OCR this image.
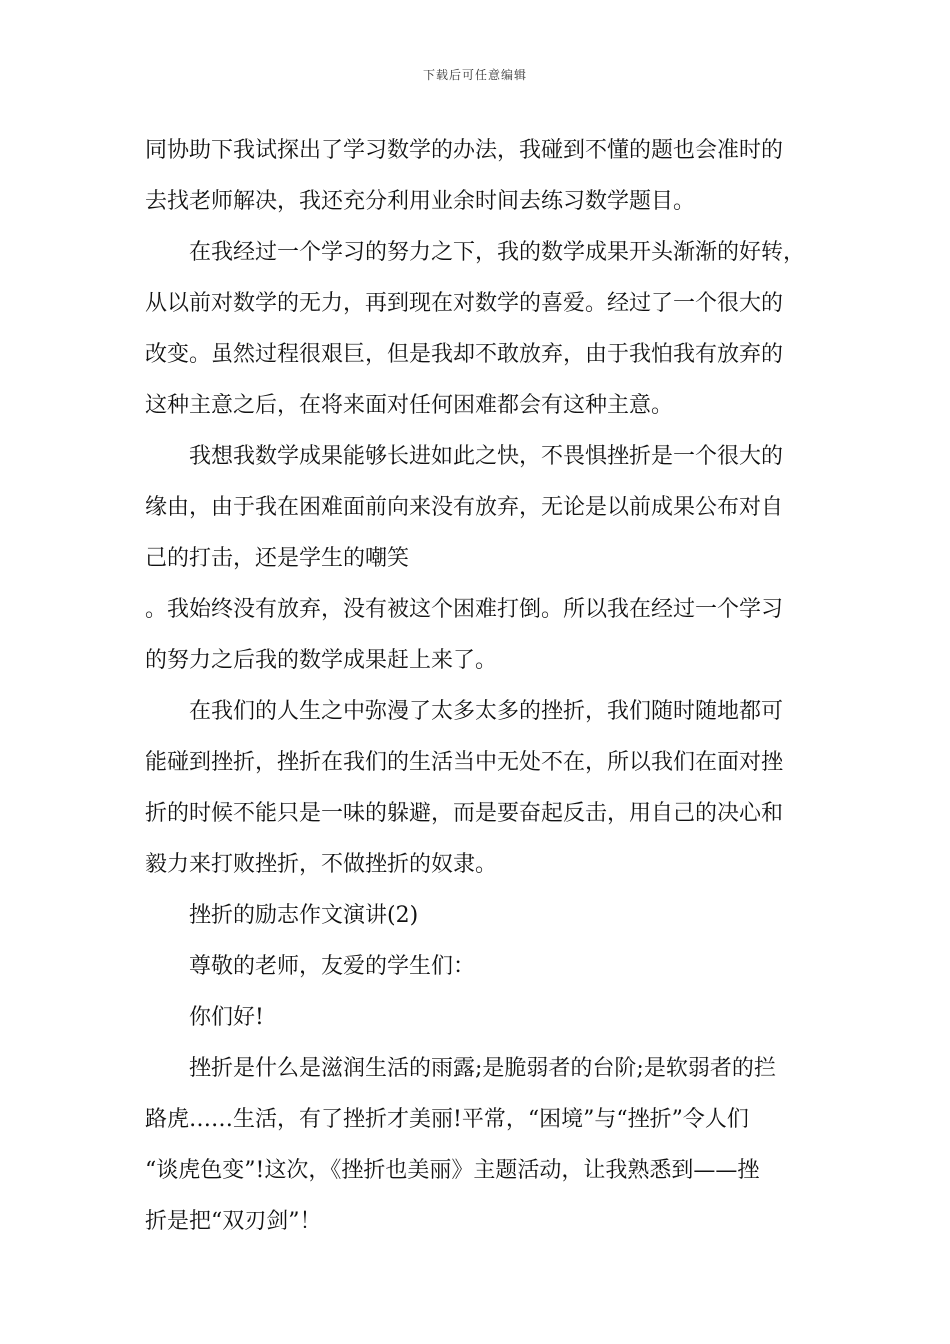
下载后可任意编辑
同协助下我试探出了学习数学的办法，我碰到不懂的题也会准时的
去找老师解决，我还充分利用业余时间去练习数学题目。
在我经过一个学习的努力之下，我的数学成果开头渐渐的好转，
从以前对数学的无力，再到现在对数学的喜爱。经过了一个很大的
改变。虽然过程很艰巨，但是我却不敢放弃，由于我怕我有放弃的
这种主意之后，在将来面对任何困难都会有这种主意。
我想我数学成果能够长进如此之快，不畏惧挫折是一个很大的
缘由，由于我在困难面前向来没有放弃，无论是以前成果公布对自
己的打击，还是学生的嘲笑
。我始终没有放弃，没有被这个困难打倒。所以我在经过一个学习
的努力之后我的数学成果赶上来了。
在我们的人生之中弥漫了太多太多的挫折，我们随时随地都可
能碰到挫折，挫折在我们的生活当中无处不在，所以我们在面对挫
折的时候不能只是一味的躲避，而是要奋起反击，用自己的决心和
毅力来打败挫折，不做挫折的奴隶。
挫折的励志作文演讲(2)
尊敬的老师，友爱的学生们：
你们好!
挫折是什么是滋润生活的雨露;是脆弱者的台阶;是软弱者的拦
路虎……生活，有了挫折才美丽!平常，“困境”与“挫折”令人们
“谈虎色变”!这次，《挫折也美丽》主题活动，让我熟悉到——挫
折是把“双刃剑”！
